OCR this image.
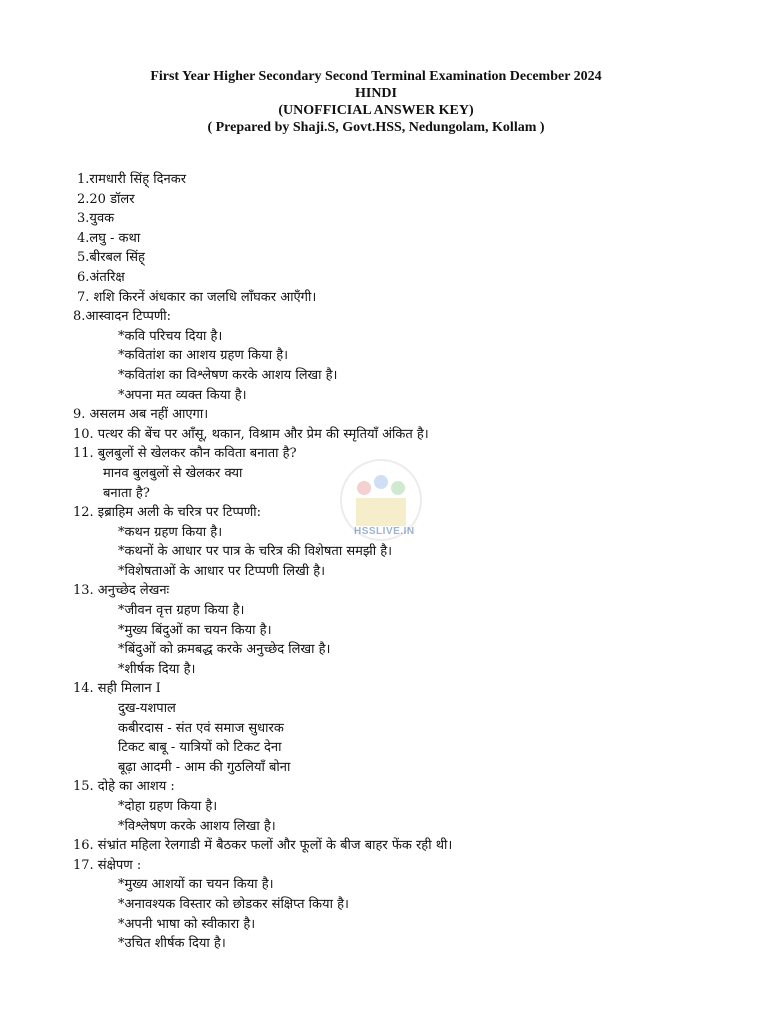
First Year Higher Secondary Second Terminal Examination December 2024
HINDI
(UNOFFICIAL ANSWER KEY)
( Prepared by Shaji.S, Govt.HSS, Nedungolam, Kollam )
HSSLIVE.IN
1.रामधारी सिंह् दिनकर
2.20 डॉलर
3.युवक
4.लघु - कथा
5.बीरबल सिंह्
6.अंतरिक्ष
7. शशि किरनें अंधकार का जलधि लाँघकर आएँगी।
8.आस्वादन टिप्पणी:
*कवि परिचय दिया है।
*कवितांश का आशय ग्रहण किया है।
*कवितांश का विश्लेषण करके आशय लिखा है।
*अपना मत व्यक्त किया है।
9. असलम अब नहीं आएगा।
10. पत्थर की बेंच पर आँसू, थकान, विश्राम और प्रेम की स्मृतियाँ अंकित है।
11. बुलबुलों से खेलकर कौन कविता बनाता है?
मानव बुलबुलों से खेलकर क्या
बनाता है?
12. इब्राहिम अली के चरित्र पर टिप्पणी:
*कथन ग्रहण किया है।
*कथनों के आधार पर पात्र के चरित्र की विशेषता समझी है।
*विशेषताओं के आधार पर टिप्पणी लिखी है।
13. अनुच्छेद लेखनः
*जीवन वृत्त ग्रहण किया है।
*मुख्य बिंदुओं का चयन किया है।
*बिंदुओं को क्रमबद्ध करके अनुच्छेद लिखा है।
*शीर्षक दिया है।
14. सही मिलान I
दुख-यशपाल
कबीरदास - संत एवं समाज सुधारक
टिकट बाबू - यात्रियों को टिकट देना
बूढ़ा आदमी - आम की गुठलियाँ बोना
15. दोहे का आशय :
*दोहा ग्रहण किया है।
*विश्लेषण करके आशय लिखा है।
16. संभ्रांत महिला रेलगाडी में बैठकर फलों और फूलों के बीज बाहर फेंक रही थी।
17. संक्षेपण :
*मुख्य आशयों का चयन किया है।
*अनावश्यक विस्तार को छोडकर संक्षिप्त किया है।
*अपनी भाषा को स्वीकारा है।
*उचित शीर्षक दिया है।
